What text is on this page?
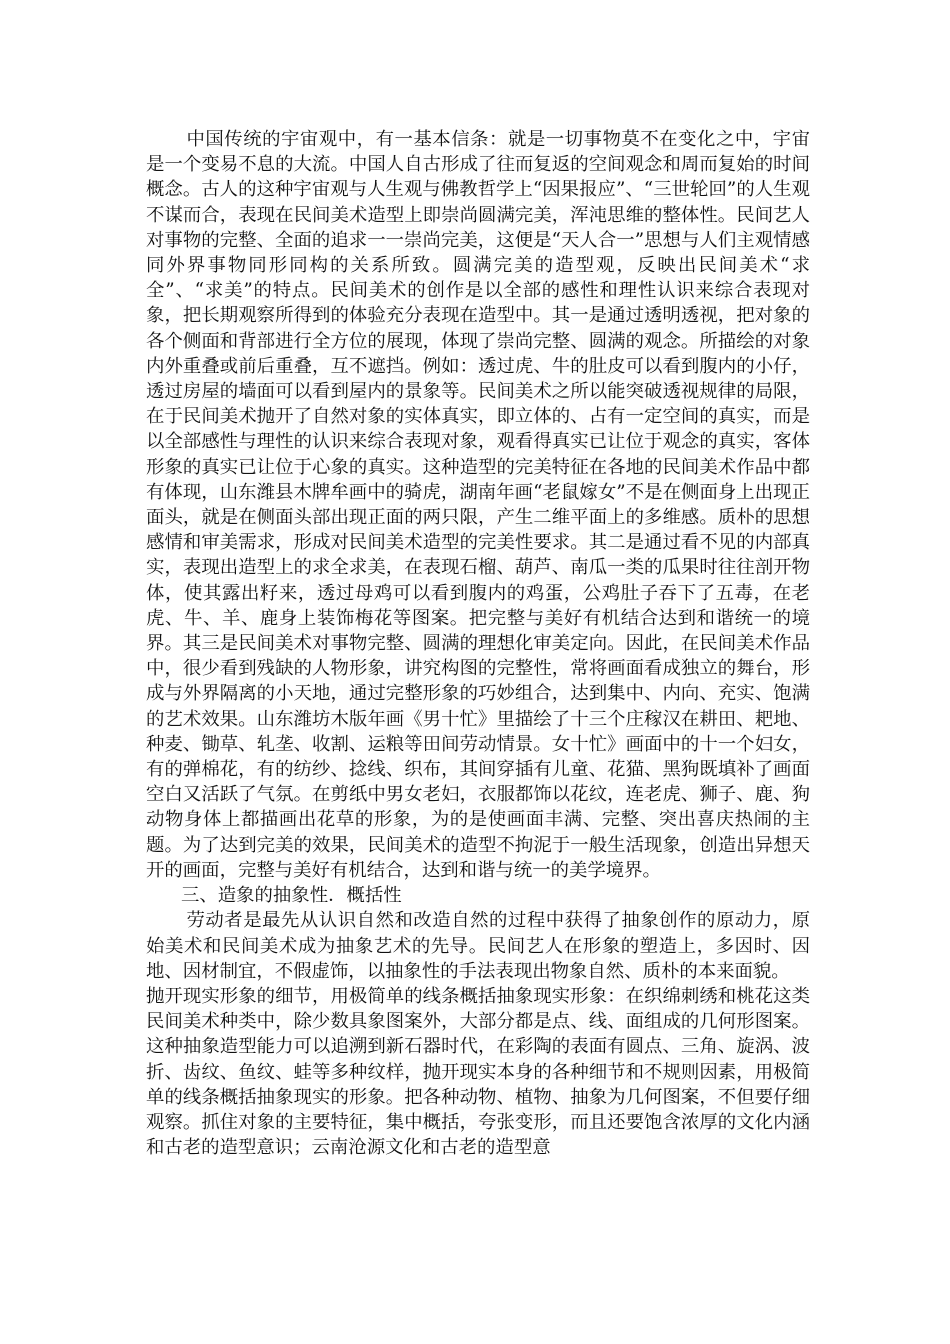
中国传统的宇宙观中，有一基本信条：就是一切事物莫不在变化之中，宇宙是一个变易不息的大流。中国人自古形成了往而复返的空间观念和周而复始的时间概念。古人的这种宇宙观与人生观与佛教哲学上“因果报应”、“三世轮回”的人生观不谋而合，表现在民间美术造型上即崇尚圆满完美，浑沌思维的整体性。民间艺人对事物的完整、全面的追求一一崇尚完美，这便是“天人合一”思想与人们主观情感同外界事物同形同构的关系所致。圆满完美的造型观，反映出民间美术“求全”、“求美”的特点。民间美术的创作是以全部的感性和理性认识来综合表现对象，把长期观察所得到的体验充分表现在造型中。其一是通过透明透视，把对象的各个侧面和背部进行全方位的展现，体现了崇尚完整、圆满的观念。所描绘的对象内外重叠或前后重叠，互不遮挡。例如：透过虎、牛的肚皮可以看到腹内的小仔，透过房屋的墙面可以看到屋内的景象等。民间美术之所以能突破透视规律的局限，在于民间美术抛开了自然对象的实体真实，即立体的、占有一定空间的真实，而是以全部感性与理性的认识来综合表现对象，观看得真实已让位于观念的真实，客体形象的真实已让位于心象的真实。这种造型的完美特征在各地的民间美术作品中都有体现，山东潍县木牌牟画中的骑虎，湖南年画“老鼠嫁女”不是在侧面身上出现正面头，就是在侧面头部出现正面的两只限，产生二维平面上的多维感。质朴的思想感情和审美需求，形成对民间美术造型的完美性要求。其二是通过看不见的内部真实，表现出造型上的求全求美，在表现石榴、葫芦、南瓜一类的瓜果时往往剖开物体，使其露出籽来，透过母鸡可以看到腹内的鸡蛋，公鸡肚子吞下了五毒，在老虎、牛、羊、鹿身上装饰梅花等图案。把完整与美好有机结合达到和谐统一的境界。其三是民间美术对事物完整、圆满的理想化审美定向。因此，在民间美术作品中，很少看到残缺的人物形象，讲究构图的完整性，常将画面看成独立的舞台，形成与外界隔离的小天地，通过完整形象的巧妙组合，达到集中、内向、充实、饱满的艺术效果。山东潍坊木版年画《男十忙》里描绘了十三个庄稼汉在耕田、耙地、种麦、锄草、轧垄、收割、运粮等田间劳动情景。女十忙》画面中的十一个妇女，有的弹棉花，有的纺纱、捻线、织布，其间穿插有儿童、花猫、黑狗既填补了画面空白又活跃了气氛。在剪纸中男女老妇，衣服都饰以花纹，连老虎、狮子、鹿、狗动物身体上都描画出花草的形象，为的是使画面丰满、完整、突出喜庆热闹的主题。为了达到完美的效果，民间美术的造型不拘泥于一般生活现象，创造出异想天开的画面，完整与美好有机结合，达到和谐与统一的美学境界。

三、造象的抽象性．概括性

劳动者是最先从认识自然和改造自然的过程中获得了抽象创作的原动力，原始美术和民间美术成为抽象艺术的先导。民间艺人在形象的塑造上，多因时、因地、因材制宜，不假虚饰，以抽象性的手法表现出物象自然、质朴的本来面貌。

抛开现实形象的细节，用极简单的线条概括抽象现实形象：在织绵刺绣和桃花这类民间美术种类中，除少数具象图案外，大部分都是点、线、面组成的几何形图案。这种抽象造型能力可以追溯到新石器时代，在彩陶的表面有圆点、三角、旋涡、波折、齿纹、鱼纹、蛙等多种纹样，抛开现实本身的各种细节和不规则因素，用极简单的线条概括抽象现实的形象。把各种动物、植物、抽象为几何图案，不但要仔细观察。抓住对象的主要特征，集中概括，夸张变形，而且还要饱含浓厚的文化内涵和古老的造型意识；云南沧源文化和古老的造型意
